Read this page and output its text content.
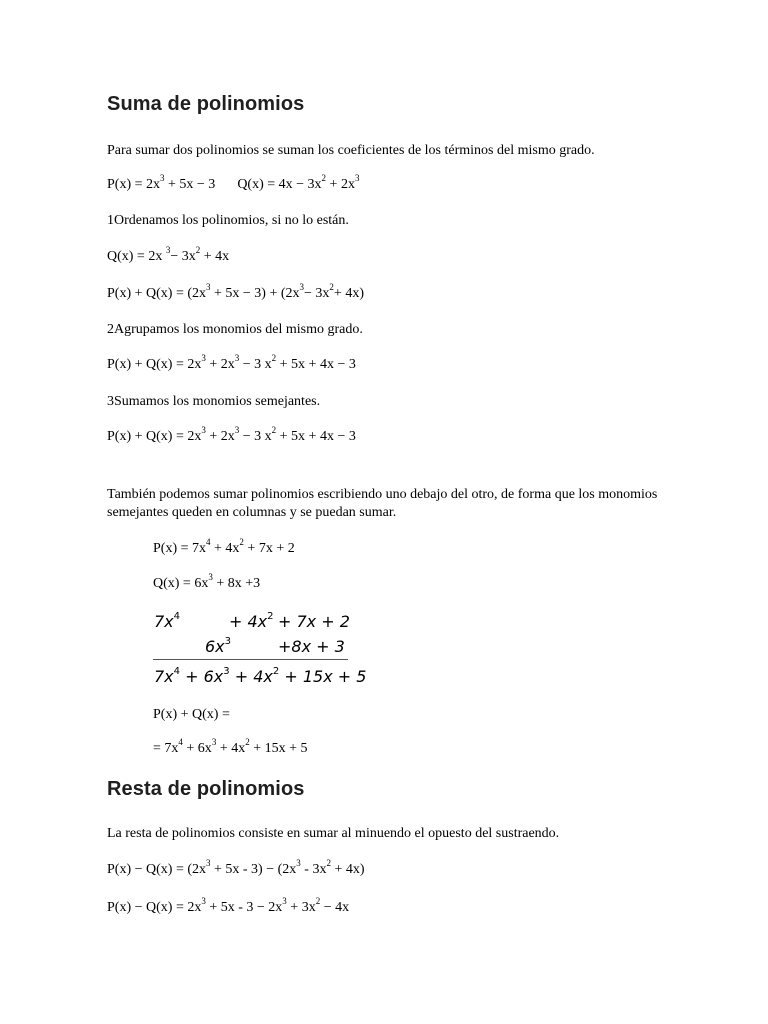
Suma de polinomios

Para sumar dos polinomios se suman los coeficientes de los términos del mismo grado.

$P(x) = 2x^3 + 5x - 3$ $Q(x) = 4x - 3x^2 + 2x^3$

1Ordenamos los polinomios, si no lo están.

Q(x) = 2x $^3- 3x^2 + 4x$

$P(x) + Q(x) = (2x^3 + 5x - 3) + (2x^3- 3x^2+ 4x)$

2Agrupamos los monomios del mismo grado.

$P(x) + Q(x) = 2x^3 + 2x^3 - 3$ $x^2 + 5x + 4x - 3$

3Sumamos los monomios semejantes.

$P(x) + Q(x) = 2x^3 + 2x^3 - 3$ $x^2 + 5x + 4x - 3$

También podemos sumar polinomios escribiendo uno debajo del otro, de forma que los monomios semejantes queden en columnas y se puedan sumar.

$P(x) = 7x^4 + 4x^2 + 7x + 2$

$Q(x) = 6x^3 + 8x +3$

$7x^4$	+ $4x^2 + 7x + 2$
$6x^3$	+8x + 3
$7x^4 + 6x^3 + 4x^2 + 15x + 5$

P(x) + Q(x) =

= $7x^4 + 6x^3 + 4x^2 + 15x + 5$

Resta de polinomios

La resta de polinomios consiste en sumar al minuendo el opuesto del sustraendo.

$P(x) - Q(x) = (2x^3 + 5x - 3) - (2x^3 - 3x^2 + 4x)$

$P(x) - Q(x) = 2x^3 + 5x - 3 - 2x^3 + 3x^2 - 4x$
